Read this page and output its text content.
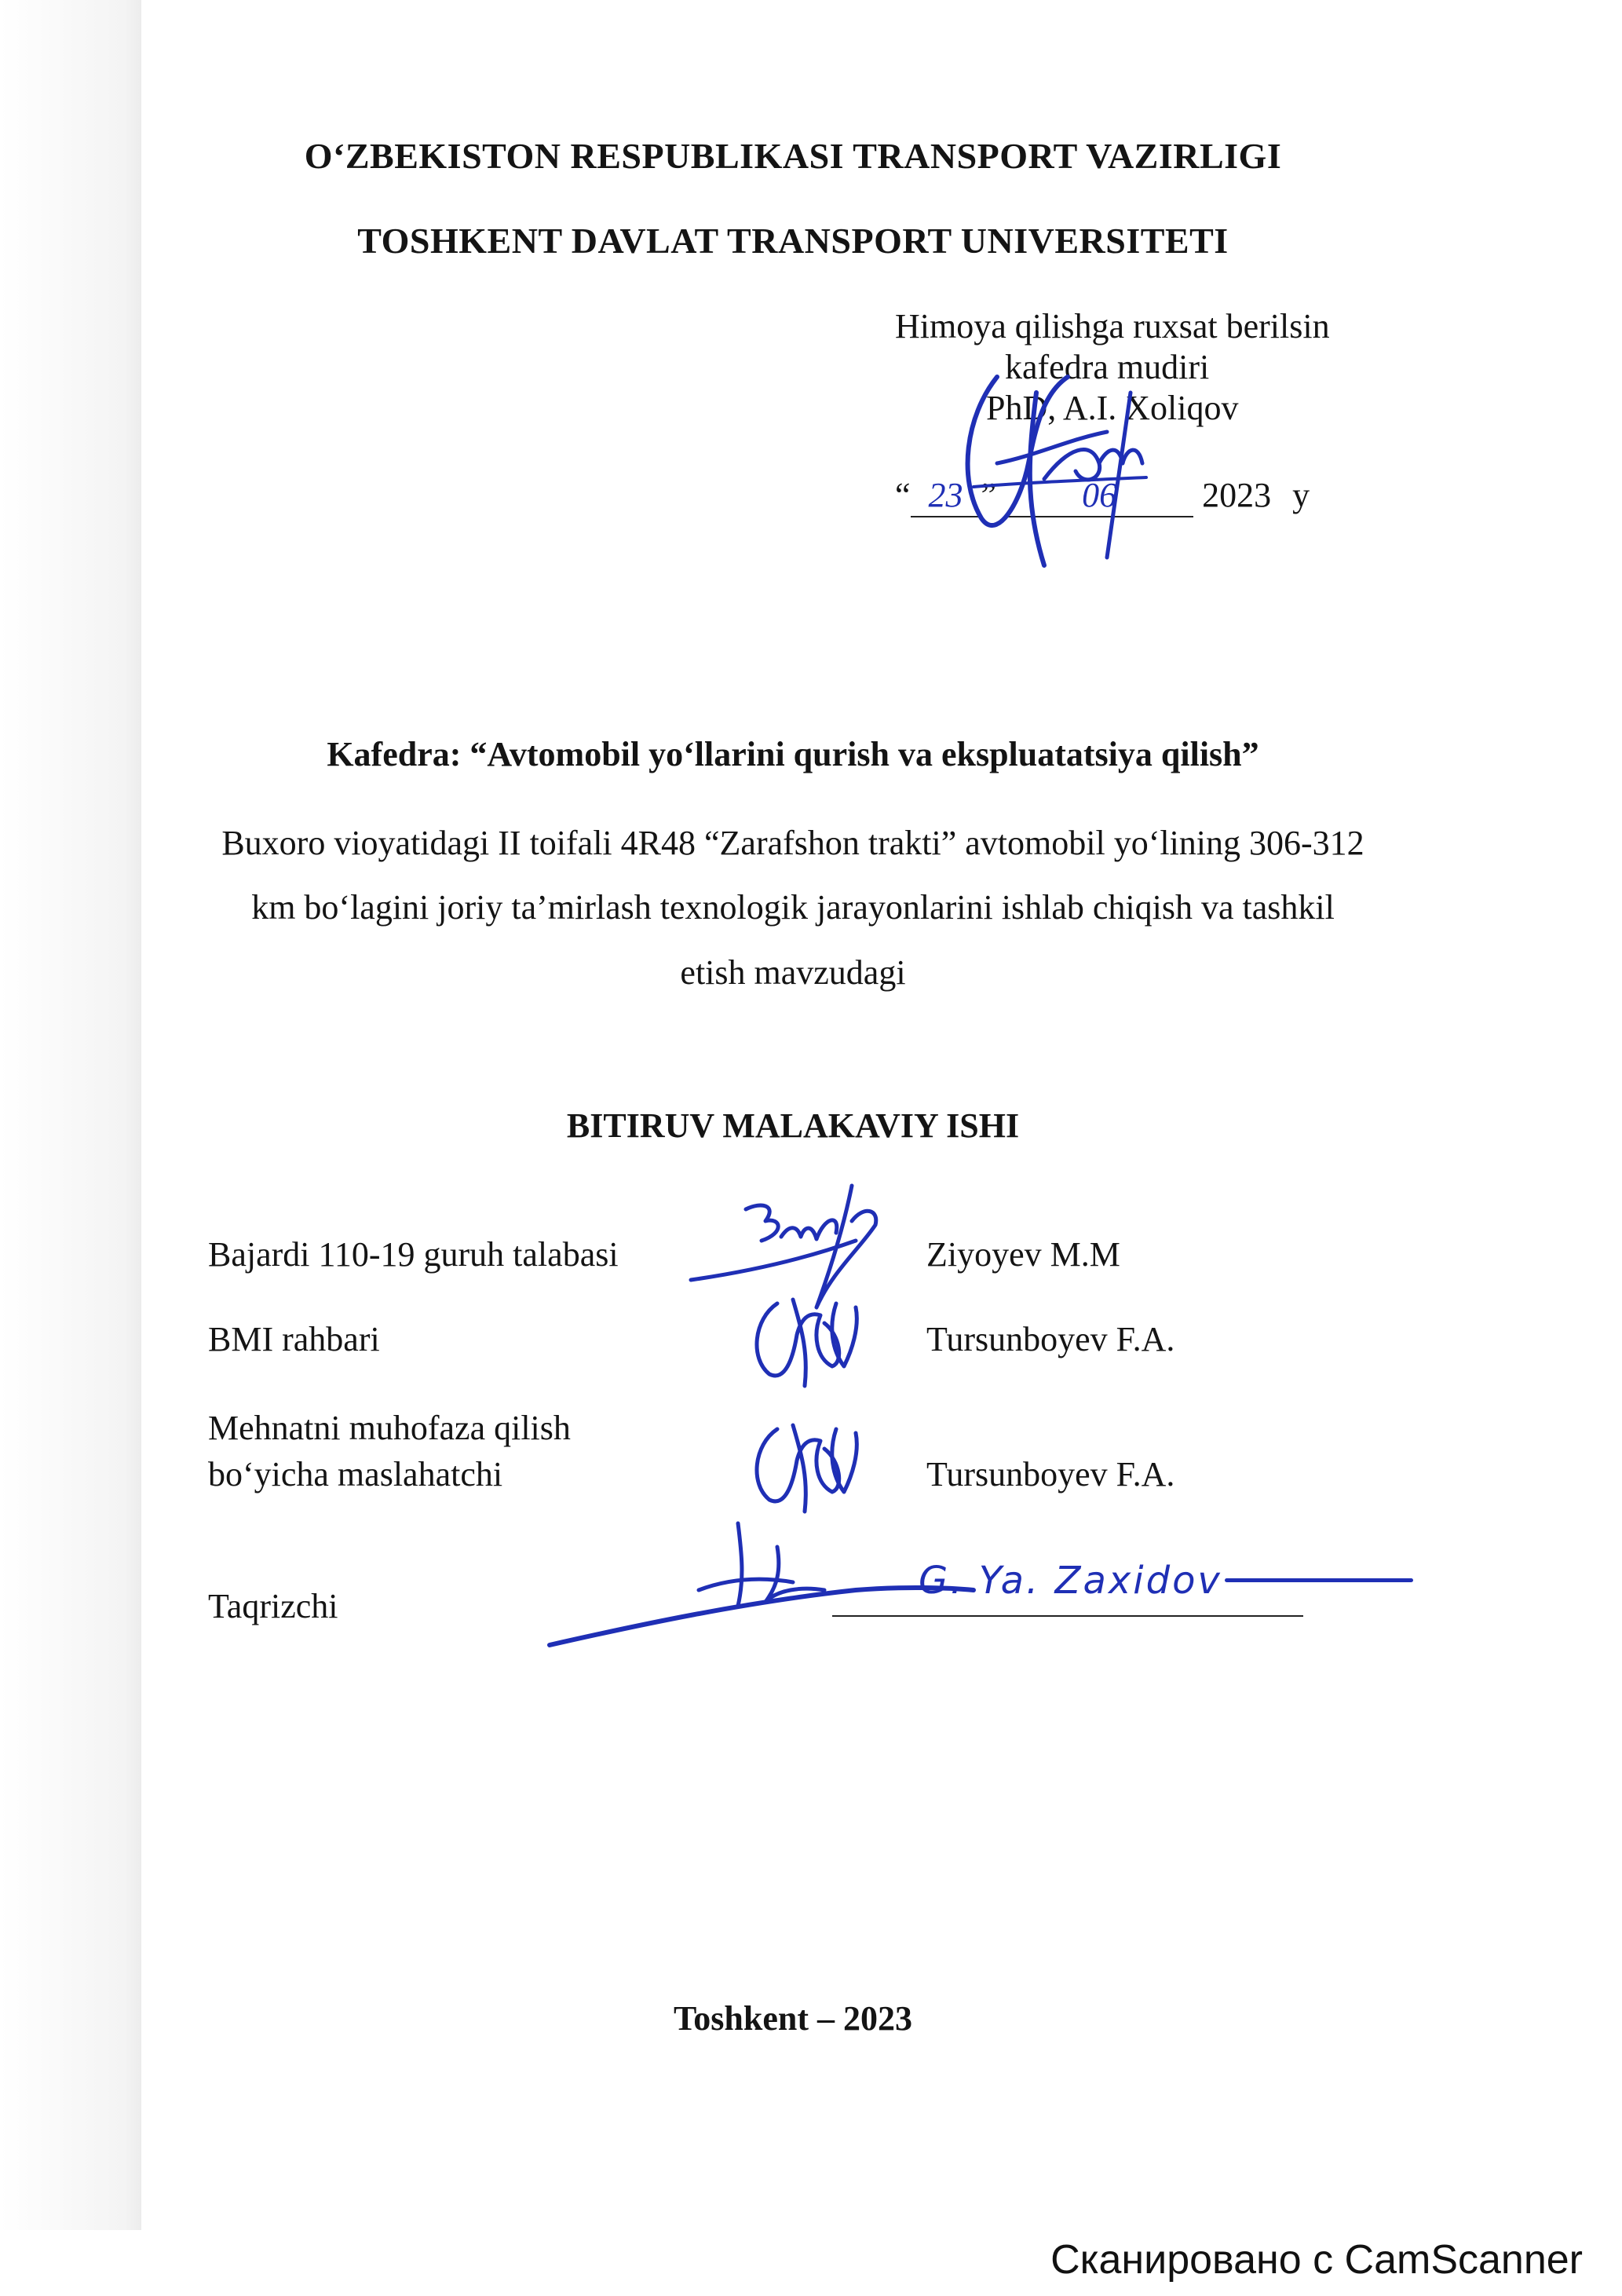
O‘ZBEKISTON RESPUBLIKASI TRANSPORT VAZIRLIGI
TOSHKENT DAVLAT TRANSPORT UNIVERSITETI
Himoya qilishga ruxsat berilsin
kafedra mudiri
PhD, A.I. Xoliqov
“ 23 ” 06 2023 y
Kafedra: “Avtomobil yo‘llarini qurish va ekspluatatsiya qilish”
Buxoro vioyatidagi II toifali 4R48 “Zarafshon trakti” avtomobil yo‘lining 306-312
km bo‘lagini joriy ta’mirlash texnologik jarayonlarini ishlab chiqish va tashkil
etish mavzudagi
BITIRUV MALAKAVIY ISHI
Bajardi 110-19 guruh talabasi	Ziyoyev M.M
BMI rahbari	Tursunboyev F.A.
Mehnatni muhofaza qilish
bo‘yicha maslahatchi	Tursunboyev F.A.
Taqrizchi
G. Ya. Zaxidov
Toshkent – 2023
Сканировано с CamScanner
